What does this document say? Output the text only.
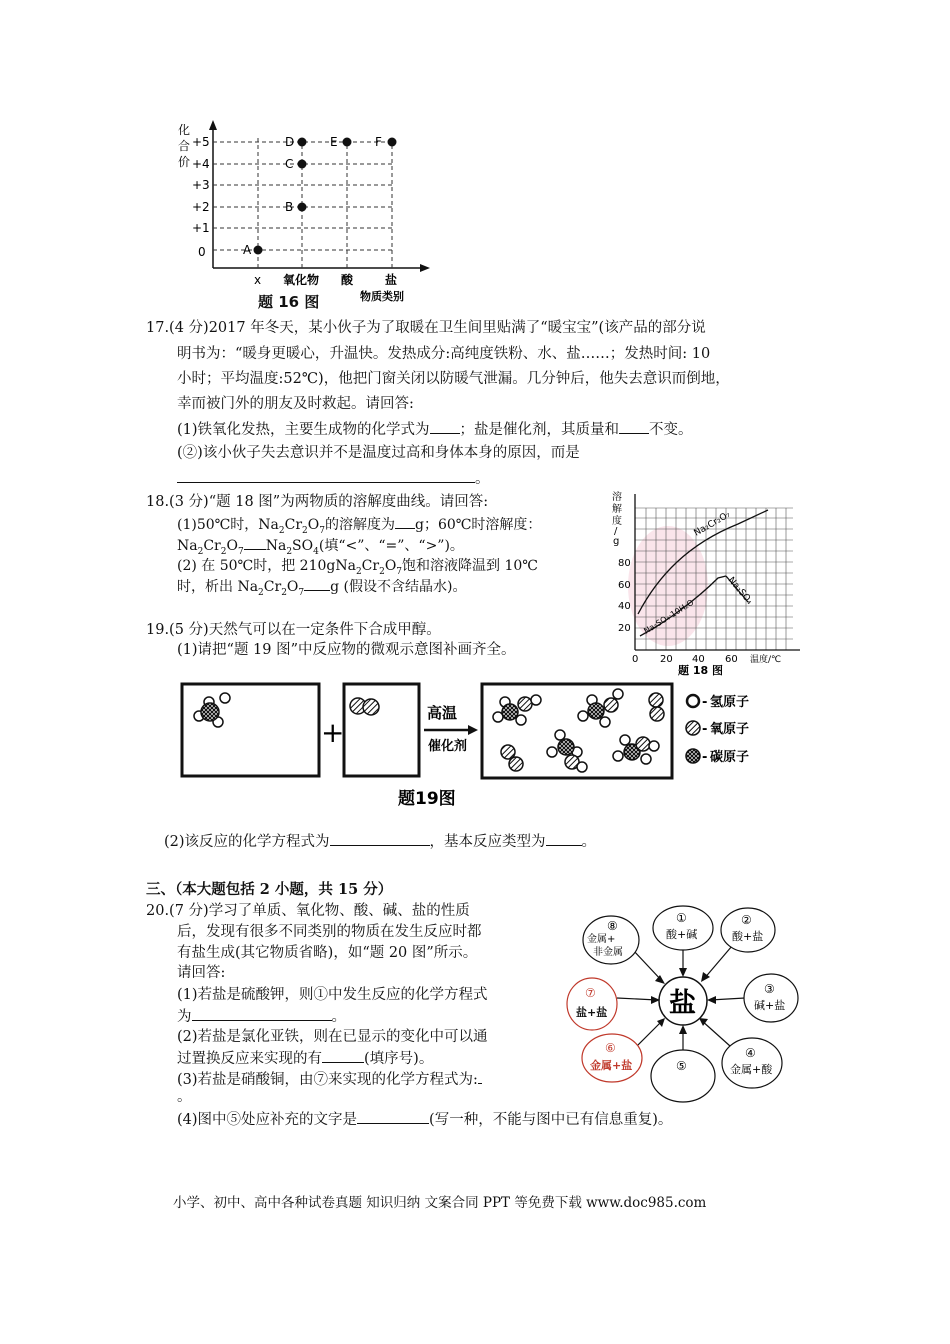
化
合
价
+5
+4
+3
+2
+1
0	A
B
C
D	E	F
x 氧化物 酸	盐
物质类别
题 16 图
17.(4 分)2017 年冬天，某小伙子为了取暖在卫生间里贴满了“暖宝宝”(该产品的部分说
明书为：“暖身更暖心，升温快。发热成分:高纯度铁粉、水、盐……；发热时间: 10
小时；平均温度:52℃)，他把门窗关闭以防暖气泄漏。几分钟后，他失去意识而倒地，
幸而被门外的朋友及时救起。请回答:
(1)铁氧化发热，主要生成物的化学式为 ；盐是催化剂，其质量和 不变。
(②)该小伙子失去意识并不是温度过高和身体本身的原因，而是
。
18.(3 分)“题 18 图”为两物质的溶解度曲线。请回答:
(1)50℃时，$Na_2Cr_2O_7$的溶解度为 g；60℃时溶解度：
$Na_2Cr_2O_7$ $Na_2SO_4$(填“<”、“=”、“>”)。
(2) 在 50℃时，把 $210gNa_2Cr_2O_7$饱和溶液降温到 10℃
时，析出 $Na_2Cr_2O_7$ g (假设不含结晶水)。
溶
解
度
/
g
80
60
40
20
0 20 40 60 温度/℃
Na₂Cr₂O₇
Na₂SO₄
Na₂SO₄·10H₂O
题 18 图
19.(5 分)天然气可以在一定条件下合成甲醇。
(1)请把“题 19 图”中反应物的微观示意图补画齐全。
+
高温
催化剂
- 氢原子
- 氧原子
- 碳原子
题19图
(2)该反应的化学方程式为	，基本反应类型为 。
三、（本大题包括 2 小题，共 15 分）
20.(7 分)学习了单质、氧化物、酸、碱、盐的性质
后，发现有很多不同类别的物质在发生反应时都
有盐生成(其它物质省略)，如“题 20 图”所示。
请回答:
(1)若盐是硫酸钾，则①中发生反应的化学方程式
为	。
(2)若盐是氯化亚铁，则在已显示的变化中可以通
过置换反应来实现的有	(填序号)。
(3)若盐是硝酸铜，由⑦来实现的化学方程式为:
。
(4)图中⑤处应补充的文字是	(写一种，不能与图中已有信息重复)。
盐
①
酸+碱
②
酸+盐
③
碱+盐
④
金属+酸
⑤
⑥
金属+盐
⑦
盐+盐
⑧
金属+
非金属
小学、初中、高中各种试卷真题 知识归纳 文案合同 PPT 等免费下载 www.doc985.com
